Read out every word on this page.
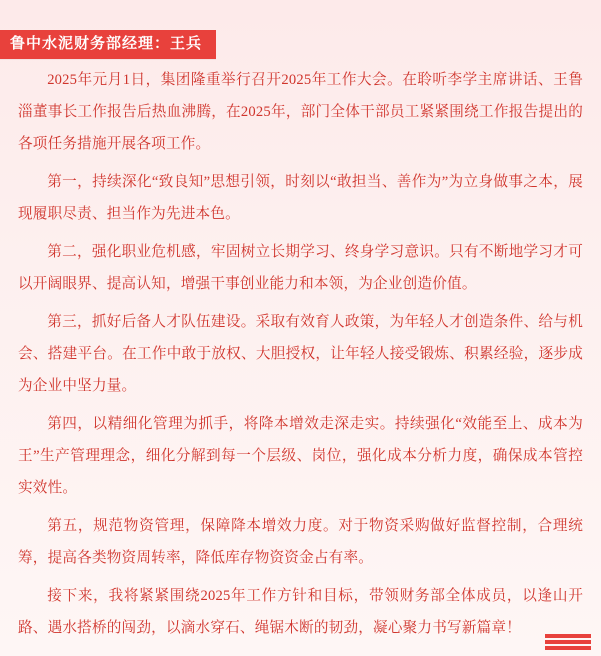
鲁中水泥财务部经理：王兵

2025年元月1日，集团隆重举行召开2025年工作大会。在聆听李学主席讲话、王鲁淄董事长工作报告后热血沸腾，在2025年，部门全体干部员工紧紧围绕工作报告提出的各项任务措施开展各项工作。

第一，持续深化“致良知”思想引领，时刻以“敢担当、善作为”为立身做事之本，展现履职尽责、担当作为先进本色。

第二，强化职业危机感，牢固树立长期学习、终身学习意识。只有不断地学习才可以开阔眼界、提高认知，增强干事创业能力和本领，为企业创造价值。

第三，抓好后备人才队伍建设。采取有效育人政策，为年轻人才创造条件、给与机会、搭建平台。在工作中敢于放权、大胆授权，让年轻人接受锻炼、积累经验，逐步成为企业中坚力量。

第四，以精细化管理为抓手，将降本增效走深走实。持续强化“效能至上、成本为王”生产管理理念，细化分解到每一个层级、岗位，强化成本分析力度，确保成本管控实效性。

第五，规范物资管理，保障降本增效力度。对于物资采购做好监督控制，合理统筹，提高各类物资周转率，降低库存物资资金占有率。

接下来，我将紧紧围绕2025年工作方针和目标，带领财务部全体成员，以逢山开路、遇水搭桥的闯劲，以滴水穿石、绳锯木断的韧劲，凝心聚力书写新篇章！
